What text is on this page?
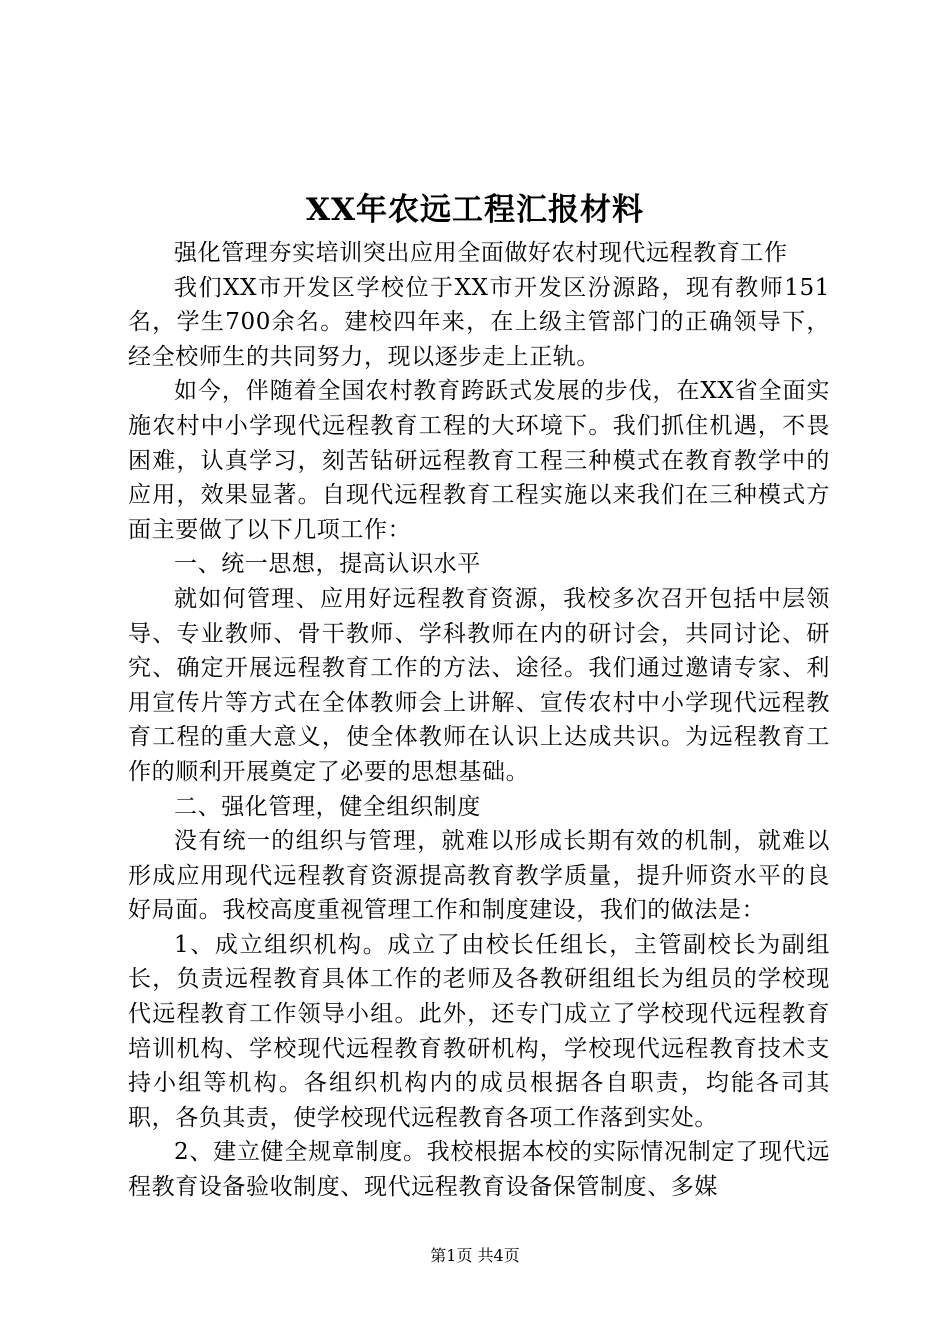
XX年农远工程汇报材料

强化管理夯实培训突出应用全面做好农村现代远程教育工作

我们XX市开发区学校位于XX市开发区汾源路，现有教师151名，学生700余名。建校四年来，在上级主管部门的正确领导下，经全校师生的共同努力，现以逐步走上正轨。

如今，伴随着全国农村教育跨跃式发展的步伐，在XX省全面实施农村中小学现代远程教育工程的大环境下。我们抓住机遇，不畏困难，认真学习，刻苦钻研远程教育工程三种模式在教育教学中的应用，效果显著。自现代远程教育工程实施以来我们在三种模式方面主要做了以下几项工作：

一、统一思想，提高认识水平

就如何管理、应用好远程教育资源，我校多次召开包括中层领导、专业教师、骨干教师、学科教师在内的研讨会，共同讨论、研究、确定开展远程教育工作的方法、途径。我们通过邀请专家、利用宣传片等方式在全体教师会上讲解、宣传农村中小学现代远程教育工程的重大意义，使全体教师在认识上达成共识。为远程教育工作的顺利开展奠定了必要的思想基础。

二、强化管理，健全组织制度

没有统一的组织与管理，就难以形成长期有效的机制，就难以形成应用现代远程教育资源提高教育教学质量，提升师资水平的良好局面。我校高度重视管理工作和制度建设，我们的做法是：

1、成立组织机构。成立了由校长任组长，主管副校长为副组长，负责远程教育具体工作的老师及各教研组组长为组员的学校现代远程教育工作领导小组。此外，还专门成立了学校现代远程教育培训机构、学校现代远程教育教研机构，学校现代远程教育技术支持小组等机构。各组织机构内的成员根据各自职责，均能各司其职，各负其责，使学校现代远程教育各项工作落到实处。

2、建立健全规章制度。我校根据本校的实际情况制定了现代远程教育设备验收制度、现代远程教育设备保管制度、多媒

第1页 共4页
